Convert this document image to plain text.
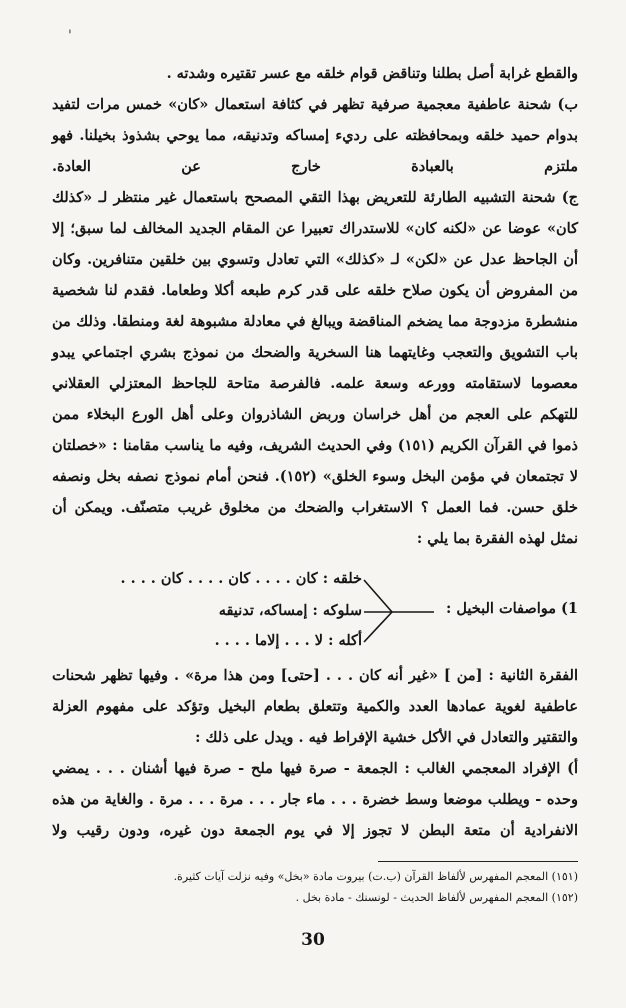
'

والقطع غرابة أصل بطلنا وتناقض قوام خلقه مع عسر تقتيره وشدته .

ب) شحنة عاطفية معجمية صرفية تظهر في كثافة استعمال «كان» خمس مرات لتفيد بدوام حميد خلقه وبمحافظته على رديء إمساكه وتدنيقه، مما يوحي بشذوذ بخيلنا. فهو ملتزم بالعبادة خارج عن العادة.

ج) شحنة التشبيه الطارئة للتعريض بهذا التقي المصحح باستعمال غير منتظر لـ «كذلك كان» عوضا عن «لكنه كان» للاستدراك تعبيرا عن المقام الجديد المخالف لما سبق؛ إلا أن الجاحظ عدل عن «لكن» لـ «كذلك» التي تعادل وتسوي بين خلقين متنافرين. وكان من المفروض أن يكون صلاح خلقه على قدر كرم طبعه أكلا وطعاما. فقدم لنا شخصية منشطرة مزدوجة مما يضخم المناقضة ويبالغ في معادلة مشبوهة لغة ومنطقا. وذلك من باب التشويق والتعجب وغايتهما هنا السخرية والضحك من نموذج بشري اجتماعي يبدو معصوما لاستقامته وورعه وسعة علمه. فالفرصة متاحة للجاحظ المعتزلي العقلاني للتهكم على العجم من أهل خراسان وربض الشاذروان وعلى أهل الورع البخلاء ممن ذموا في القرآن الكريم (١٥١) وفي الحديث الشريف، وفيه ما يناسب مقامنا : «خصلتان لا تجتمعان في مؤمن البخل وسوء الخلق» (١٥٢). فنحن أمام نموذج نصفه بخل ونصفه خلق حسن. فما العمل ؟ الاستغراب والضحك من مخلوق غريب متصنّف. ويمكن أن نمثل لهذه الفقرة بما يلي :

1) مواصفات البخيل :
خلقه : كان . . . . كان . . . . كان . . . .
سلوكه : إمساكه، تدنيقه
أكله : لا . . . إلاما . . . .

الفقرة الثانية : [من ] «غير أنه كان . . . [حتى] ومن هذا مرة» . وفيها تظهر شحنات عاطفية لغوية عمادها العدد والكمية وتتعلق بطعام البخيل وتؤكد على مفهوم العزلة والتقتير والتعادل في الأكل خشية الإفراط فيه . ويدل على ذلك :

أ) الإفراد المعجمي الغالب : الجمعة - صرة فيها ملح - صرة فيها أشنان . . . يمضي وحده - ويطلب موضعا وسط خضرة . . . ماء جار . . . مرة . . . مرة . والغاية من هذه الانفرادية أن متعة البطن لا تجوز إلا في يوم الجمعة دون غيره، ودون رقيب ولا

(١٥١) المعجم المفهرس لألفاظ القرآن (ب.ت) بيروت مادة «بخل» وفيه نزلت آيات كثيرة.

(١٥٢) المعجم المفهرس لألفاظ الحديث - لونسنك - مادة بخل .

30
